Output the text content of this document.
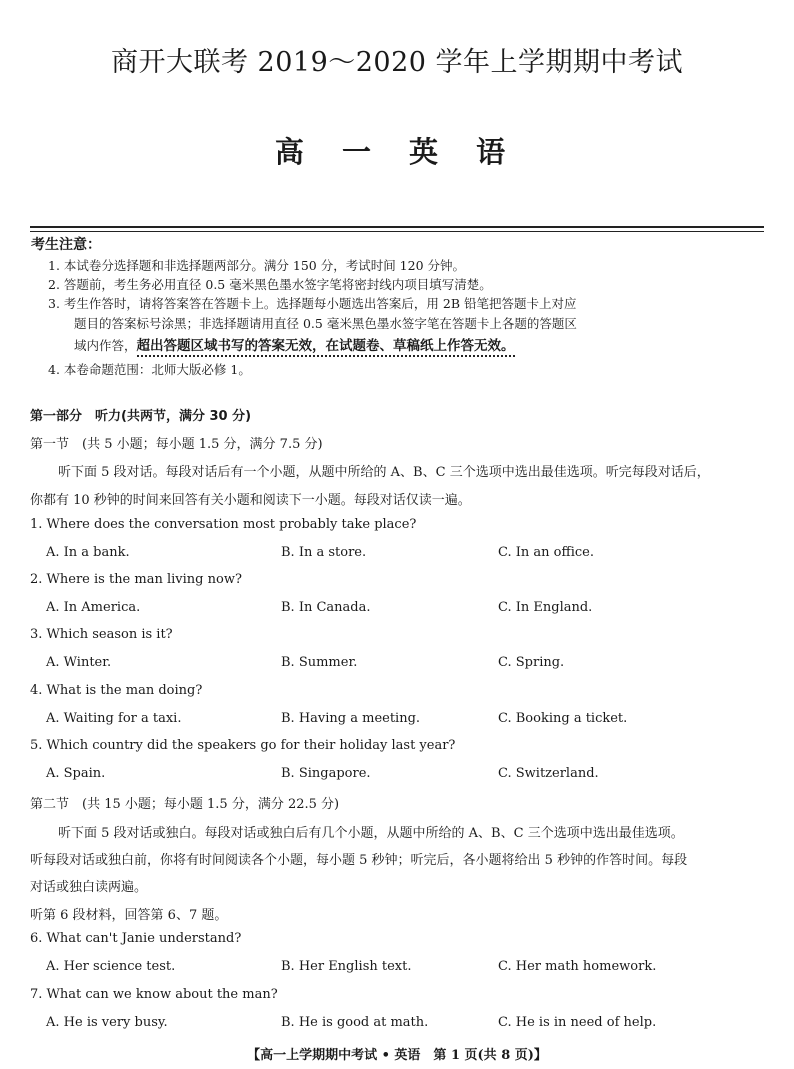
商开大联考 2019～2020 学年上学期期中考试
高 一 英 语
考生注意：
1. 本试卷分选择题和非选择题两部分。满分 150 分，考试时间 120 分钟。
2. 答题前，考生务必用直径 0.5 毫米黑色墨水签字笔将密封线内项目填写清楚。
3. 考生作答时，请将答案答在答题卡上。选择题每小题选出答案后，用 2B 铅笔把答题卡上对应
题目的答案标号涂黑；非选择题请用直径 0.5 毫米黑色墨水签字笔在答题卡上各题的答题区
域内作答，超出答题区域书写的答案无效，在试题卷、草稿纸上作答无效。
4. 本卷命题范围：北师大版必修 1。
第一部分　听力(共两节，满分 30 分)
第一节　(共 5 小题；每小题 1.5 分，满分 7.5 分)
听下面 5 段对话。每段对话后有一个小题，从题中所给的 A、B、C 三个选项中选出最佳选项。听完每段对话后，
你都有 10 秒钟的时间来回答有关小题和阅读下一小题。每段对话仅读一遍。
1. Where does the conversation most probably take place?
A. In a bank.	B. In a store.	C. In an office.
2. Where is the man living now?
A. In America.	B. In Canada.	C. In England.
3. Which season is it?
A. Winter.	B. Summer.	C. Spring.
4. What is the man doing?
A. Waiting for a taxi.	B. Having a meeting.	C. Booking a ticket.
5. Which country did the speakers go for their holiday last year?
A. Spain.	B. Singapore.	C. Switzerland.
第二节　(共 15 小题；每小题 1.5 分，满分 22.5 分)
听下面 5 段对话或独白。每段对话或独白后有几个小题，从题中所给的 A、B、C 三个选项中选出最佳选项。
听每段对话或独白前，你将有时间阅读各个小题，每小题 5 秒钟；听完后，各小题将给出 5 秒钟的作答时间。每段
对话或独白读两遍。
听第 6 段材料，回答第 6、7 题。
6. What can't Janie understand?
A. Her science test.	B. Her English text.	C. Her math homework.
7. What can we know about the man?
A. He is very busy.	B. He is good at math.	C. He is in need of help.
【高一上学期期中考试 • 英语　第 1 页(共 8 页)】
